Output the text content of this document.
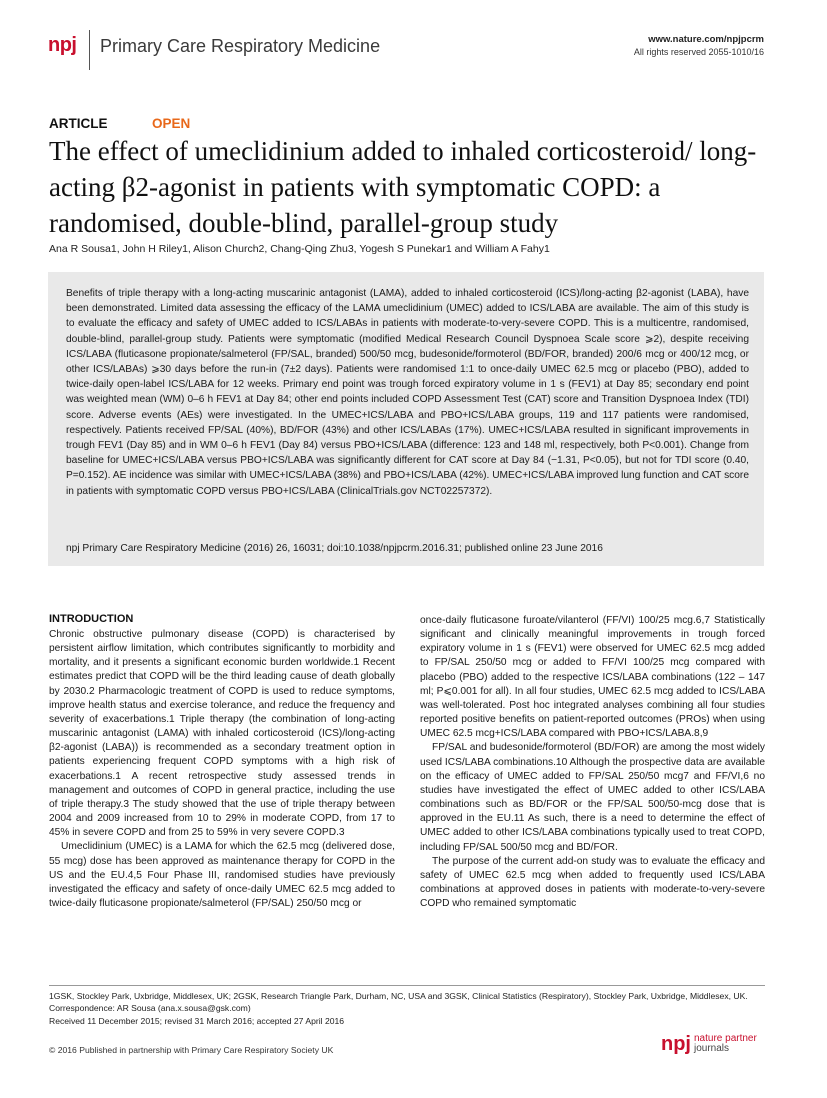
npj Primary Care Respiratory Medicine	www.nature.com/npjpcrm
All rights reserved 2055-1010/16
ARTICLE	OPEN
The effect of umeclidinium added to inhaled corticosteroid/ long-acting β2-agonist in patients with symptomatic COPD: a randomised, double-blind, parallel-group study
Ana R Sousa1, John H Riley1, Alison Church2, Chang-Qing Zhu3, Yogesh S Punekar1 and William A Fahy1
Benefits of triple therapy with a long-acting muscarinic antagonist (LAMA), added to inhaled corticosteroid (ICS)/long-acting β2-agonist (LABA), have been demonstrated. Limited data assessing the efficacy of the LAMA umeclidinium (UMEC) added to ICS/LABA are available. The aim of this study is to evaluate the efficacy and safety of UMEC added to ICS/LABAs in patients with moderate-to-very-severe COPD. This is a multicentre, randomised, double-blind, parallel-group study. Patients were symptomatic (modified Medical Research Council Dyspnoea Scale score ⩾2), despite receiving ICS/LABA (fluticasone propionate/salmeterol (FP/SAL, branded) 500/50 mcg, budesonide/formoterol (BD/FOR, branded) 200/6 mcg or 400/12 mcg, or other ICS/LABAs) ⩾30 days before the run-in (7±2 days). Patients were randomised 1:1 to once-daily UMEC 62.5 mcg or placebo (PBO), added to twice-daily open-label ICS/LABA for 12 weeks. Primary end point was trough forced expiratory volume in 1 s (FEV1) at Day 85; secondary end point was weighted mean (WM) 0–6 h FEV1 at Day 84; other end points included COPD Assessment Test (CAT) score and Transition Dyspnoea Index (TDI) score. Adverse events (AEs) were investigated. In the UMEC+ICS/LABA and PBO+ICS/LABA groups, 119 and 117 patients were randomised, respectively. Patients received FP/SAL (40%), BD/FOR (43%) and other ICS/LABAs (17%). UMEC+ICS/LABA resulted in significant improvements in trough FEV1 (Day 85) and in WM 0–6 h FEV1 (Day 84) versus PBO+ICS/LABA (difference: 123 and 148 ml, respectively, both P<0.001). Change from baseline for UMEC+ICS/LABA versus PBO+ICS/LABA was significantly different for CAT score at Day 84 (−1.31, P<0.05), but not for TDI score (0.40, P=0.152). AE incidence was similar with UMEC+ICS/LABA (38%) and PBO+ICS/LABA (42%). UMEC+ICS/LABA improved lung function and CAT score in patients with symptomatic COPD versus PBO+ICS/LABA (ClinicalTrials.gov NCT02257372).
npj Primary Care Respiratory Medicine (2016) 26, 16031; doi:10.1038/npjpcrm.2016.31; published online 23 June 2016
INTRODUCTION

Chronic obstructive pulmonary disease (COPD) is characterised by persistent airflow limitation, which contributes significantly to morbidity and mortality, and it presents a significant economic burden worldwide.1 Recent estimates predict that COPD will be the third leading cause of death globally by 2030.2 Pharmacologic treatment of COPD is used to reduce symptoms, improve health status and exercise tolerance, and reduce the frequency and severity of exacerbations.1 Triple therapy (the combination of long-acting muscarinic antagonist (LAMA) with inhaled corticosteroid (ICS)/long-acting β2-agonist (LABA)) is recommended as a secondary treatment option in patients experiencing frequent COPD symptoms with a high risk of exacerbations.1 A recent retrospective study assessed trends in management and outcomes of COPD in general practice, including the use of triple therapy.3 The study showed that the use of triple therapy between 2004 and 2009 increased from 10 to 29% in moderate COPD, from 17 to 45% in severe COPD and from 25 to 59% in very severe COPD.3

Umeclidinium (UMEC) is a LAMA for which the 62.5 mcg (delivered dose, 55 mcg) dose has been approved as maintenance therapy for COPD in the US and the EU.4,5 Four Phase III, randomised studies have previously investigated the efficacy and safety of once-daily UMEC 62.5 mcg added to twice-daily fluticasone propionate/salmeterol (FP/SAL) 250/50 mcg or

once-daily fluticasone furoate/vilanterol (FF/VI) 100/25 mcg.6,7 Statistically significant and clinically meaningful improvements in trough forced expiratory volume in 1 s (FEV1) were observed for UMEC 62.5 mcg added to FP/SAL 250/50 mcg or added to FF/VI 100/25 mcg compared with placebo (PBO) added to the respective ICS/LABA combinations (122 – 147 ml; P⩽0.001 for all). In all four studies, UMEC 62.5 mcg added to ICS/LABA was well-tolerated. Post hoc integrated analyses combining all four studies reported positive benefits on patient-reported outcomes (PROs) when using UMEC 62.5 mcg+ICS/LABA compared with PBO+ICS/LABA.8,9

FP/SAL and budesonide/formoterol (BD/FOR) are among the most widely used ICS/LABA combinations.10 Although the prospective data are available on the efficacy of UMEC added to FP/SAL 250/50 mcg7 and FF/VI,6 no studies have investigated the effect of UMEC added to other ICS/LABA combinations such as BD/FOR or the FP/SAL 500/50-mcg dose that is approved in the EU.11 As such, there is a need to determine the effect of UMEC added to other ICS/LABA combinations typically used to treat COPD, including FP/SAL 500/50 mcg and BD/FOR.

The purpose of the current add-on study was to evaluate the efficacy and safety of UMEC 62.5 mcg when added to frequently used ICS/LABA combinations at approved doses in patients with moderate-to-very-severe COPD who remained symptomatic

1GSK, Stockley Park, Uxbridge, Middlesex, UK; 2GSK, Research Triangle Park, Durham, NC, USA and 3GSK, Clinical Statistics (Respiratory), Stockley Park, Uxbridge, Middlesex, UK.
Correspondence: AR Sousa (ana.x.sousa@gsk.com)
Received 11 December 2015; revised 31 March 2016; accepted 27 April 2016
© 2016 Published in partnership with Primary Care Respiratory Society UK	npj nature partner
journals
